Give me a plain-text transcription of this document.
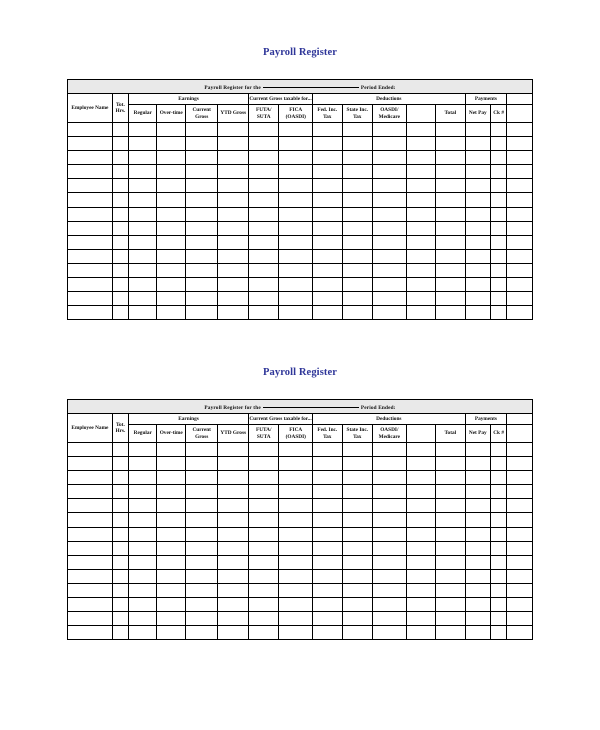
Payroll Register
Payroll Register for the Period Ended:															
Employee Name	Tot. Hrs.	Earnings				Current Gross taxable for...		Deductions					Payments		
		Regular	Over-time	Current Gross	YTD Gross	FUTA/ SUTA	FICA (OASDI)	Fed. Inc. Tax	State Inc. Tax	OASDI/ Medicare		Total	Net Pay	Ck #	

Payroll Register
Payroll Register for the Period Ended:															
Employee Name	Tot. Hrs.	Earnings				Current Gross taxable for...		Deductions					Payments		
		Regular	Over-time	Current Gross	YTD Gross	FUTA/ SUTA	FICA (OASDI)	Fed. Inc. Tax	State Inc. Tax	OASDI/ Medicare		Total	Net Pay	Ck #	
